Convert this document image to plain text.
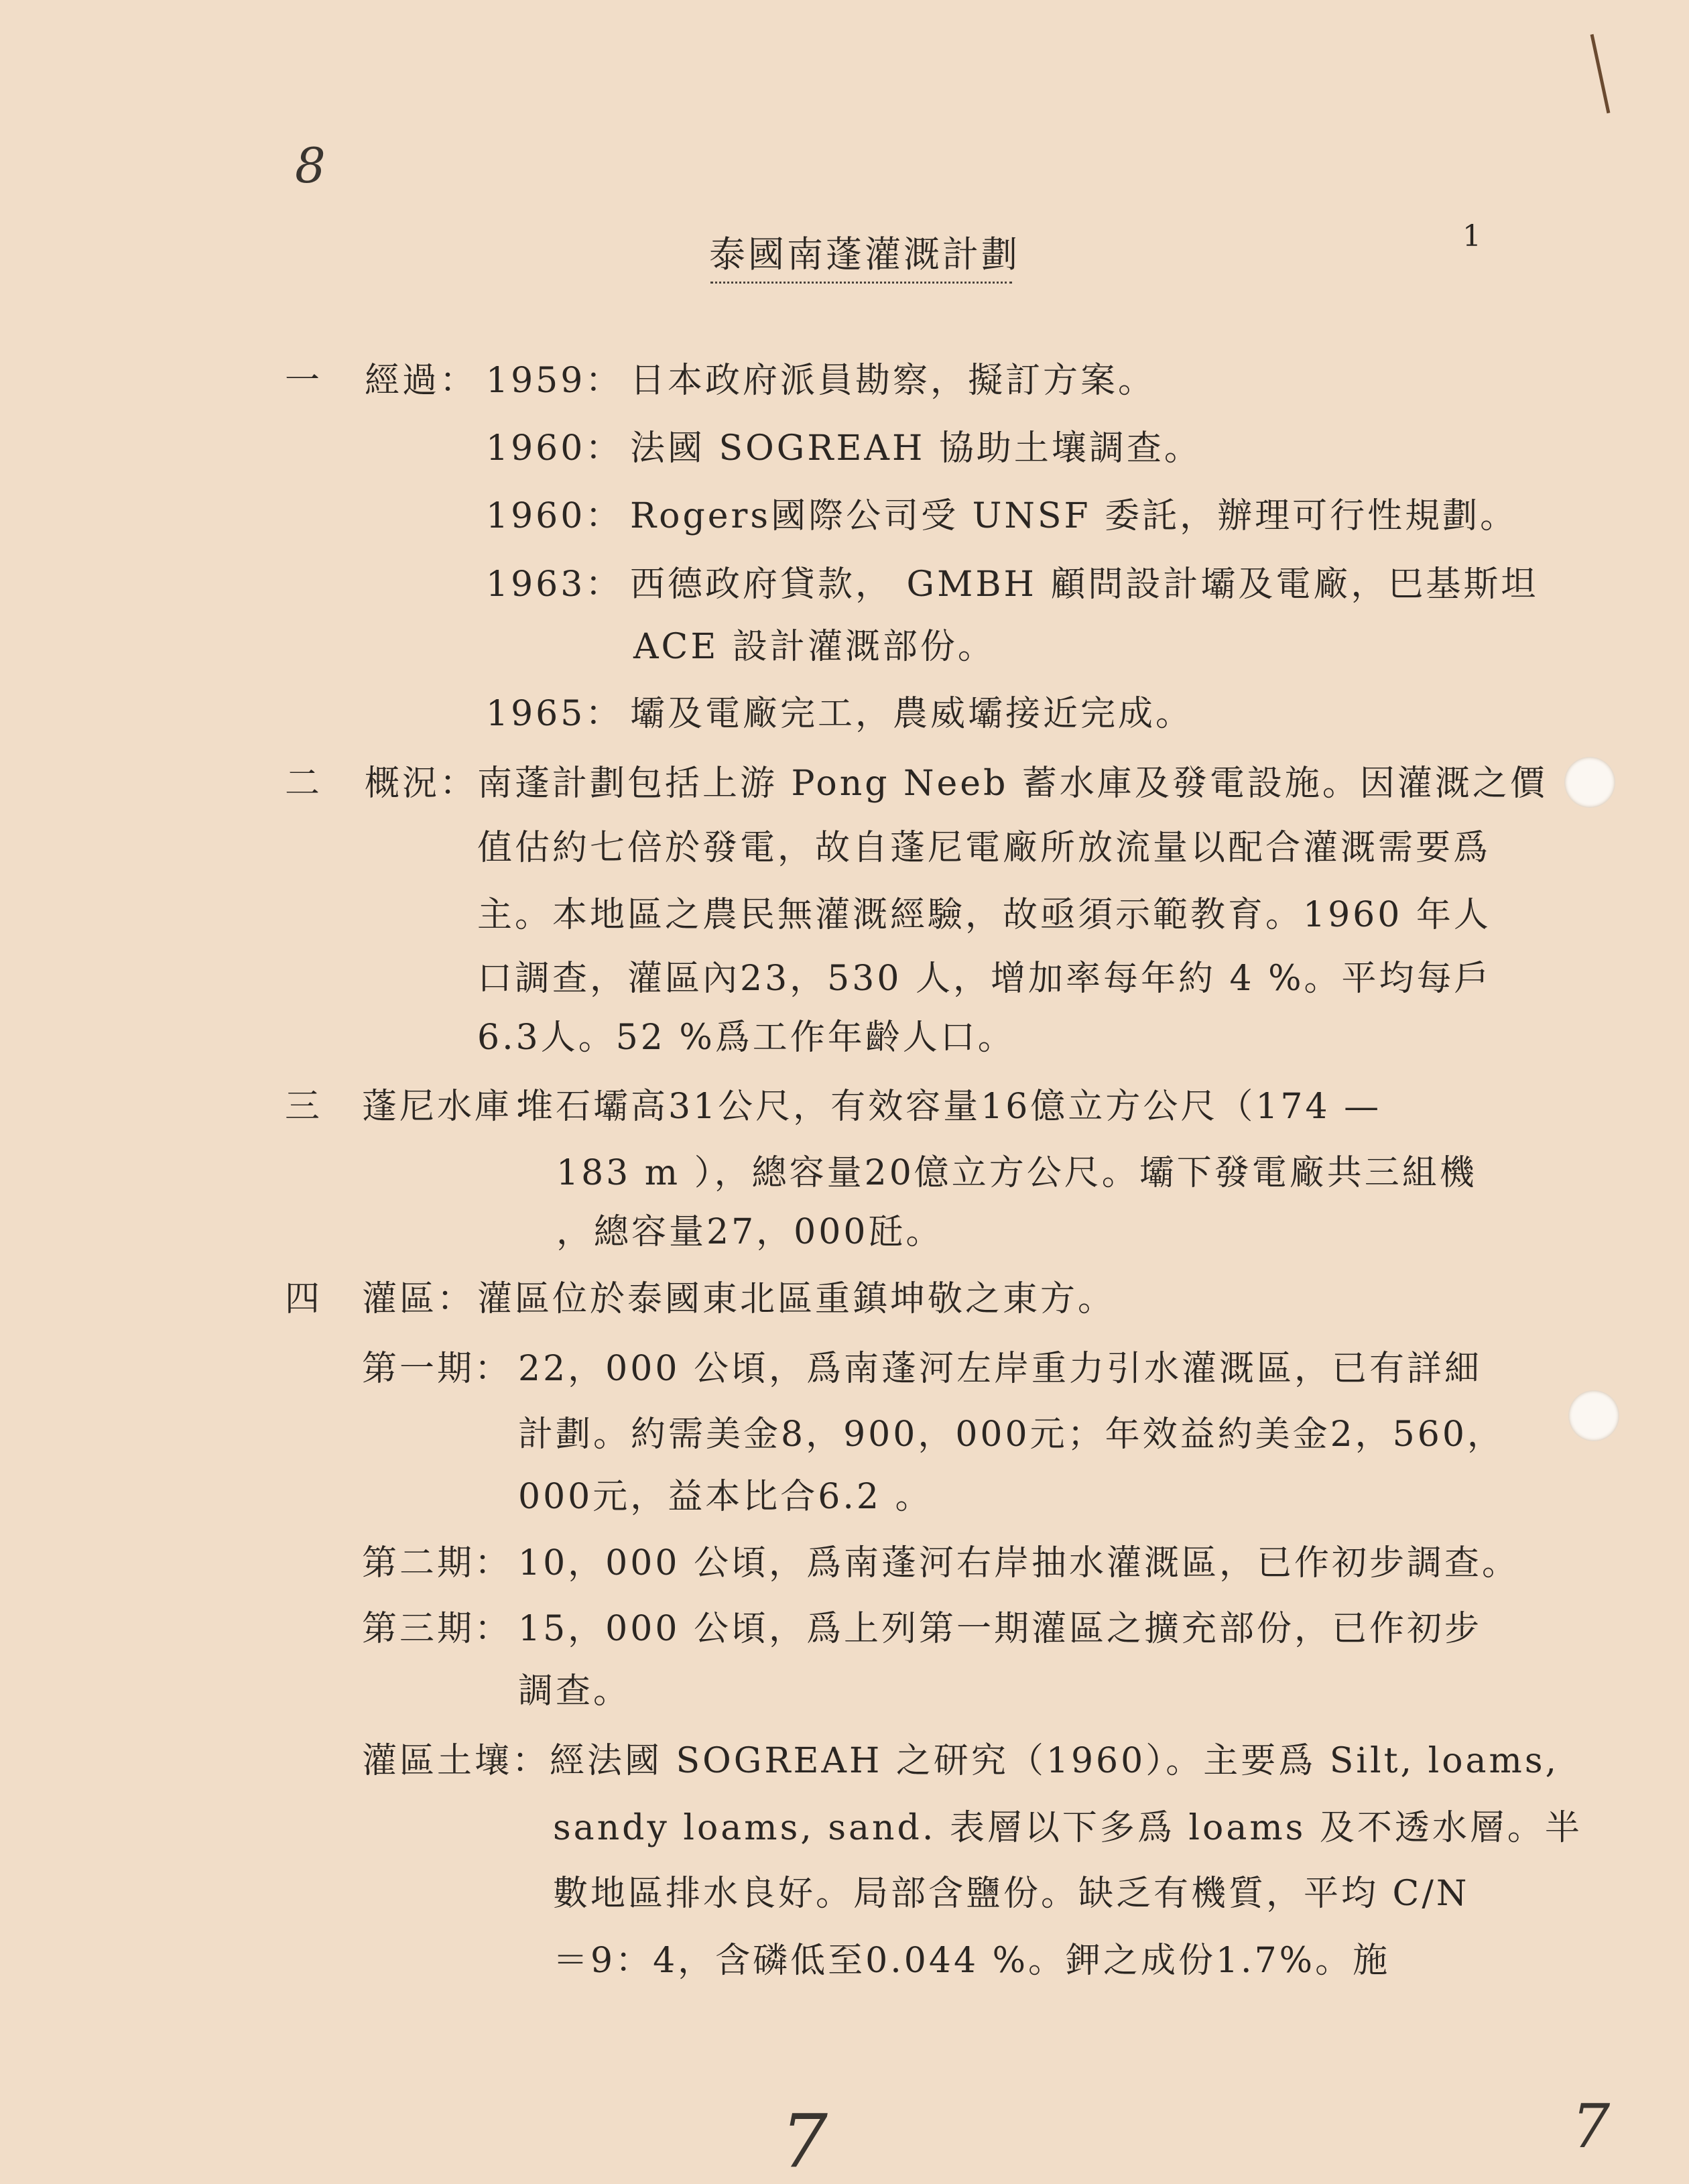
8
1
泰國南蓬灌溉計劃
一 經過： 1959： 日本政府派員勘察，擬訂方案。
1960： 法國 SOGREAH 協助土壤調查。
1960： Rogers國際公司受 UNSF 委託，辦理可行性規劃。
1963： 西德政府貸款， GMBH 顧問設計壩及電廠，巴基斯坦
ACE 設計灌溉部份。
1965： 壩及電廠完工，農威壩接近完成。
二 概況： 南蓬計劃包括上游 Pong Neeb 蓄水庫及發電設施。因灌溉之價
值估約七倍於發電，故自蓬尼電廠所放流量以配合灌溉需要爲
主。本地區之農民無灌溉經驗，故亟須示範教育。1960 年人
口調查，灌區內23，530 人，增加率每年約 4 %。平均每戶
6.3人。52 %爲工作年齡人口。
三 蓬尼水庫：
堆石壩高31公尺，有效容量16億立方公尺（174 —
183 m ），總容量20億立方公尺。壩下發電廠共三組機
，總容量27，000瓩。
四 灌區： 灌區位於泰國東北區重鎮坤敬之東方。
第一期： 22，000 公頃，爲南蓬河左岸重力引水灌溉區，已有詳細
計劃。約需美金8，900，000元；年效益約美金2，560，
000元，益本比合6.2 。
第二期： 10，000 公頃，爲南蓬河右岸抽水灌溉區，已作初步調查。
第三期： 15，000 公頃，爲上列第一期灌區之擴充部份，已作初步
調查。
灌區土壤： 經法國 SOGREAH 之研究（1960）。主要爲 Silt, loams,
sandy loams, sand. 表層以下多爲 loams 及不透水層。半
數地區排水良好。局部含鹽份。缺乏有機質，平均 C/N
＝9：4，含磷低至0.044 %。鉀之成份1.7%。施
7	7
